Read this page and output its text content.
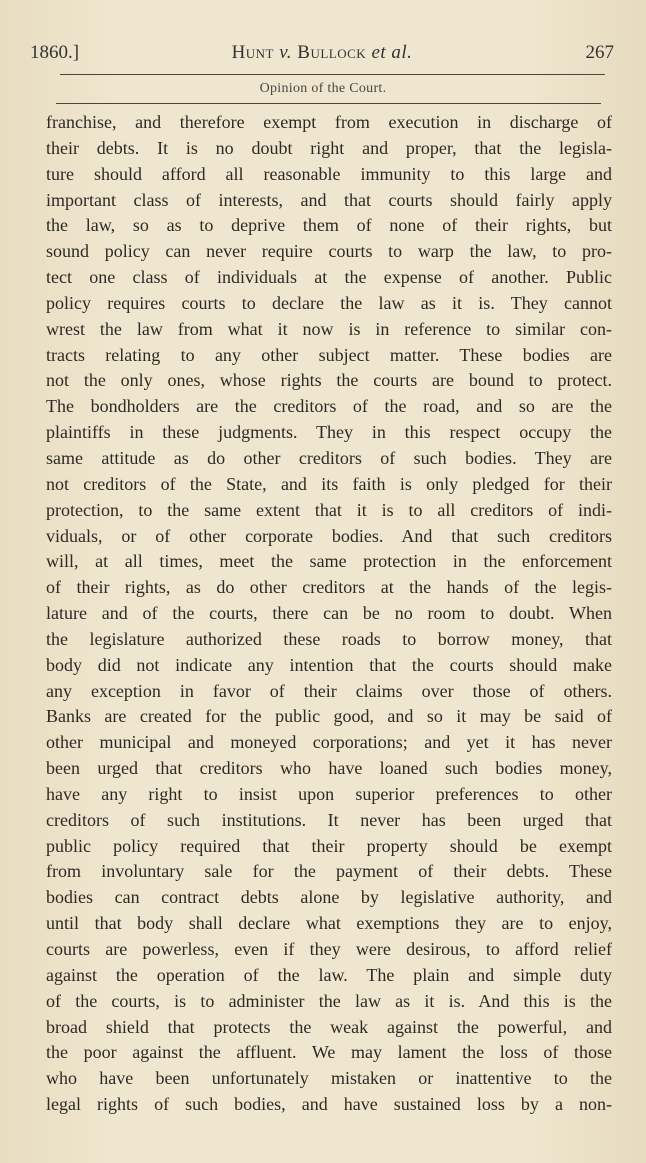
1860.]	Hunt v. Bullock et al.	267
Opinion of the Court.
franchise, and therefore exempt from execution in discharge of
their debts. It is no doubt right and proper, that the legisla-
ture should afford all reasonable immunity to this large and
important class of interests, and that courts should fairly apply
the law, so as to deprive them of none of their rights, but
sound policy can never require courts to warp the law, to pro-
tect one class of individuals at the expense of another. Public
policy requires courts to declare the law as it is. They cannot
wrest the law from what it now is in reference to similar con-
tracts relating to any other subject matter. These bodies are
not the only ones, whose rights the courts are bound to protect.
The bondholders are the creditors of the road, and so are the
plaintiffs in these judgments. They in this respect occupy the
same attitude as do other creditors of such bodies. They are
not creditors of the State, and its faith is only pledged for their
protection, to the same extent that it is to all creditors of indi-
viduals, or of other corporate bodies. And that such creditors
will, at all times, meet the same protection in the enforcement
of their rights, as do other creditors at the hands of the legis-
lature and of the courts, there can be no room to doubt. When
the legislature authorized these roads to borrow money, that
body did not indicate any intention that the courts should make
any exception in favor of their claims over those of others.
Banks are created for the public good, and so it may be said of
other municipal and moneyed corporations; and yet it has never
been urged that creditors who have loaned such bodies money,
have any right to insist upon superior preferences to other
creditors of such institutions. It never has been urged that
public policy required that their property should be exempt
from involuntary sale for the payment of their debts. These
bodies can contract debts alone by legislative authority, and
until that body shall declare what exemptions they are to enjoy,
courts are powerless, even if they were desirous, to afford relief
against the operation of the law. The plain and simple duty
of the courts, is to administer the law as it is. And this is the
broad shield that protects the weak against the powerful, and
the poor against the affluent. We may lament the loss of those
who have been unfortunately mistaken or inattentive to the
legal rights of such bodies, and have sustained loss by a non-
